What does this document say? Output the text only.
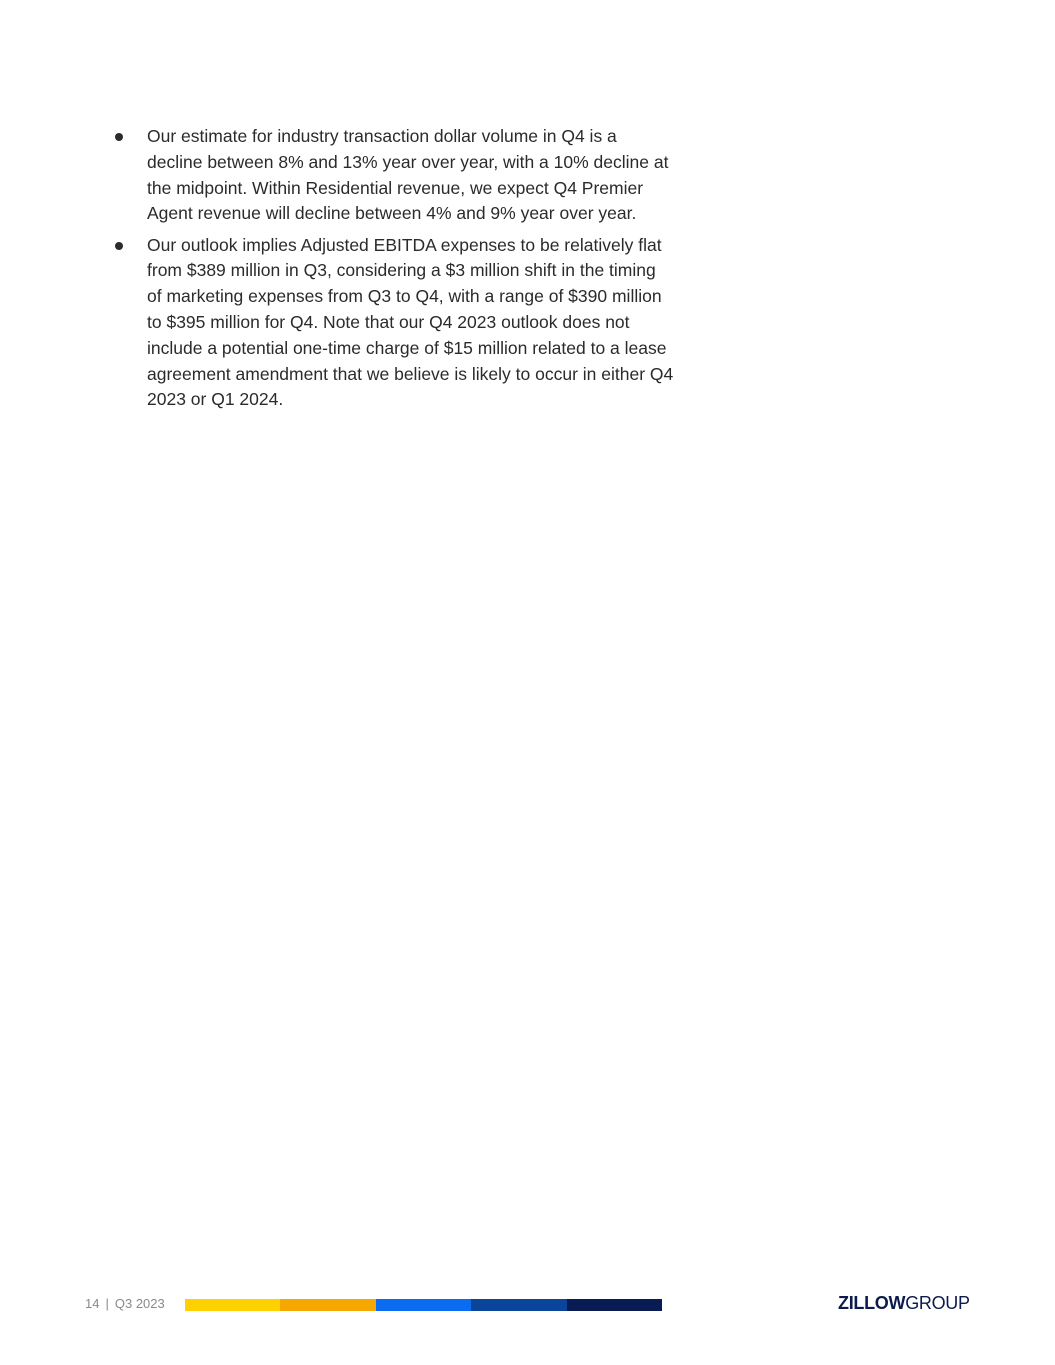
Our estimate for industry transaction dollar volume in Q4 is a decline between 8% and 13% year over year, with a 10% decline at the midpoint. Within Residential revenue, we expect Q4 Premier Agent revenue will decline between 4% and 9% year over year.
Our outlook implies Adjusted EBITDA expenses to be relatively flat from $389 million in Q3, considering a $3 million shift in the timing of marketing expenses from Q3 to Q4, with a range of $390 million to $395 million for Q4. Note that our Q4 2023 outlook does not include a potential one-time charge of $15 million related to a lease agreement amendment that we believe is likely to occur in either Q4 2023 or Q1 2024.
14 | Q3 2023	ZILLOWGROUP
